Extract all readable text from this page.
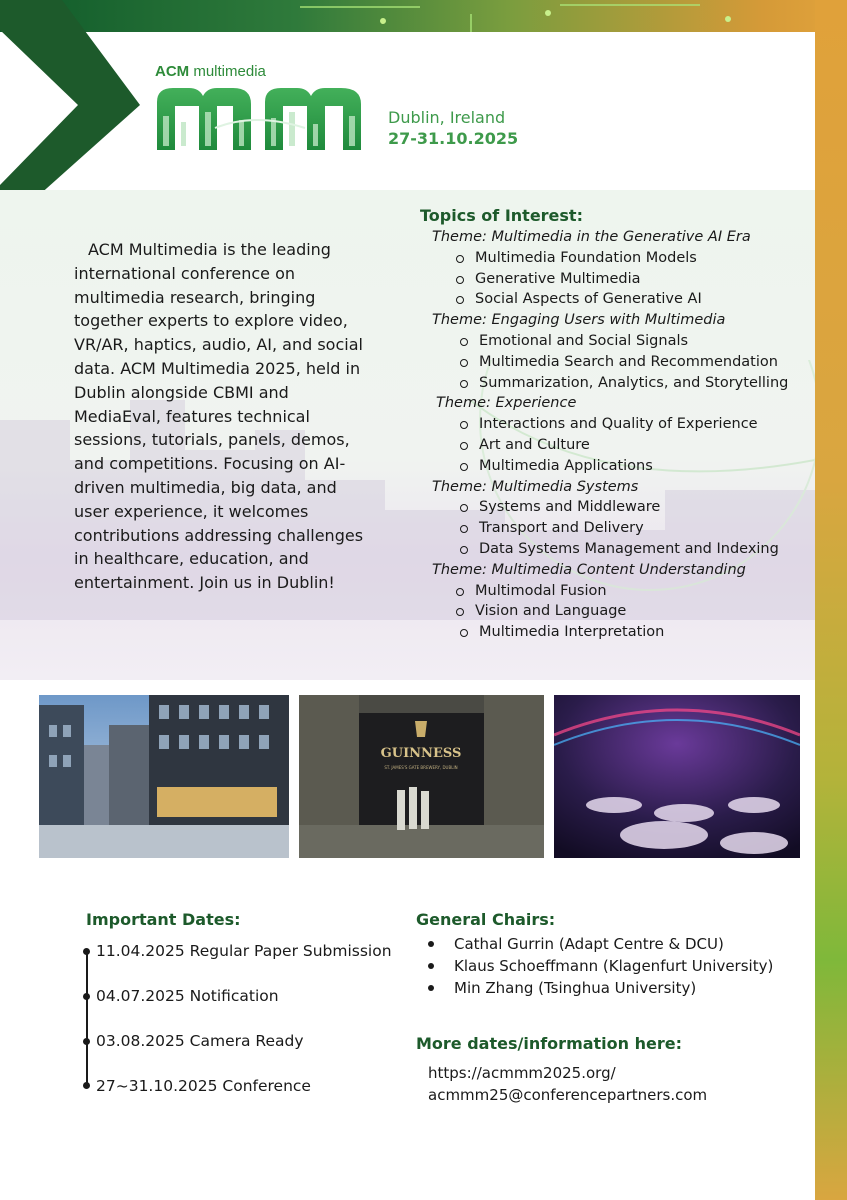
ACM multimedia
Dublin, Ireland
27-31.10.2025

ACM Multimedia is the leading international conference on multimedia research, bringing together experts to explore video, VR/AR, haptics, audio, AI, and social data. ACM Multimedia 2025, held in Dublin alongside CBMI and MediaEval, features technical sessions, tutorials, panels, demos, and competitions. Focusing on AI-driven multimedia, big data, and user experience, it welcomes contributions addressing challenges in healthcare, education, and entertainment. Join us in Dublin!

Topics of Interest:
Theme: Multimedia in the Generative AI Era
Multimedia Foundation Models
Generative Multimedia
Social Aspects of Generative AI
Theme: Engaging Users with Multimedia
Emotional and Social Signals
Multimedia Search and Recommendation
Summarization, Analytics, and Storytelling
Theme: Experience
Interactions and Quality of Experience
Art and Culture
Multimedia Applications
Theme: Multimedia Systems
Systems and Middleware
Transport and Delivery
Data Systems Management and Indexing
Theme: Multimedia Content Understanding
Multimodal Fusion
Vision and Language
Multimedia Interpretation
GUINNESS
ST. JAMES'S GATE BREWERY, DUBLIN
Important Dates:
11.04.2025 Regular Paper Submission
04.07.2025 Notification
03.08.2025 Camera Ready
27~31.10.2025 Conference
General Chairs:
Cathal Gurrin (Adapt Centre & DCU)
Klaus Schoeffmann (Klagenfurt University)
Min Zhang (Tsinghua University)
More dates/information here:
https://acmmm2025.org/
acmmm25@conferencepartners.com
